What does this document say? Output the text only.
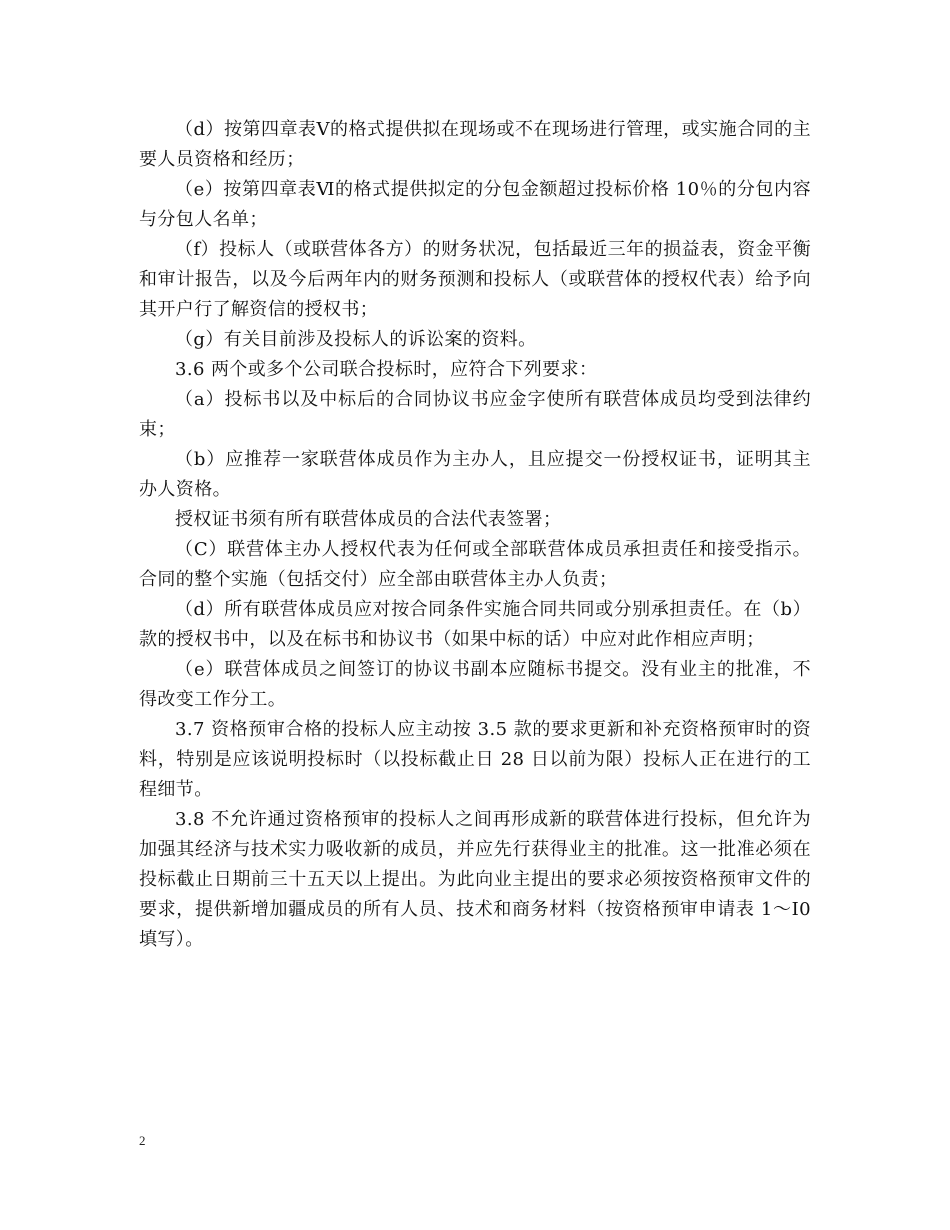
（d）按第四章表Ⅴ的格式提供拟在现场或不在现场进行管理，或实施合同的主要人员资格和经历；

（e）按第四章表Ⅵ的格式提供拟定的分包金额超过投标价格 10％的分包内容与分包人名单；

（f）投标人（或联营体各方）的财务状况，包括最近三年的损益表，资金平衡和审计报告，以及今后两年内的财务预测和投标人（或联营体的授权代表）给予向其开户行了解资信的授权书；

（g）有关目前涉及投标人的诉讼案的资料。

3.6 两个或多个公司联合投标时，应符合下列要求：

（a）投标书以及中标后的合同协议书应金字使所有联营体成员均受到法律约束；

（b）应推荐一家联营体成员作为主办人，且应提交一份授权证书，证明其主办人资格。

授权证书须有所有联营体成员的合法代表签署；

（C）联营体主办人授权代表为任何或全部联营体成员承担责任和接受指示。合同的整个实施（包括交付）应全部由联营体主办人负责；

（d）所有联营体成员应对按合同条件实施合同共同或分别承担责任。在（b）款的授权书中，以及在标书和协议书（如果中标的话）中应对此作相应声明；

（e）联营体成员之间签订的协议书副本应随标书提交。没有业主的批准，不得改变工作分工。

3.7 资格预审合格的投标人应主动按 3.5 款的要求更新和补充资格预审时的资料，特别是应该说明投标时（以投标截止日 28 日以前为限）投标人正在进行的工程细节。

3.8 不允许通过资格预审的投标人之间再形成新的联营体进行投标，但允许为加强其经济与技术实力吸收新的成员，并应先行获得业主的批准。这一批准必须在投标截止日期前三十五天以上提出。为此向业主提出的要求必须按资格预审文件的要求，提供新增加疆成员的所有人员、技术和商务材料（按资格预审申请表 1～I0 填写）。

2
